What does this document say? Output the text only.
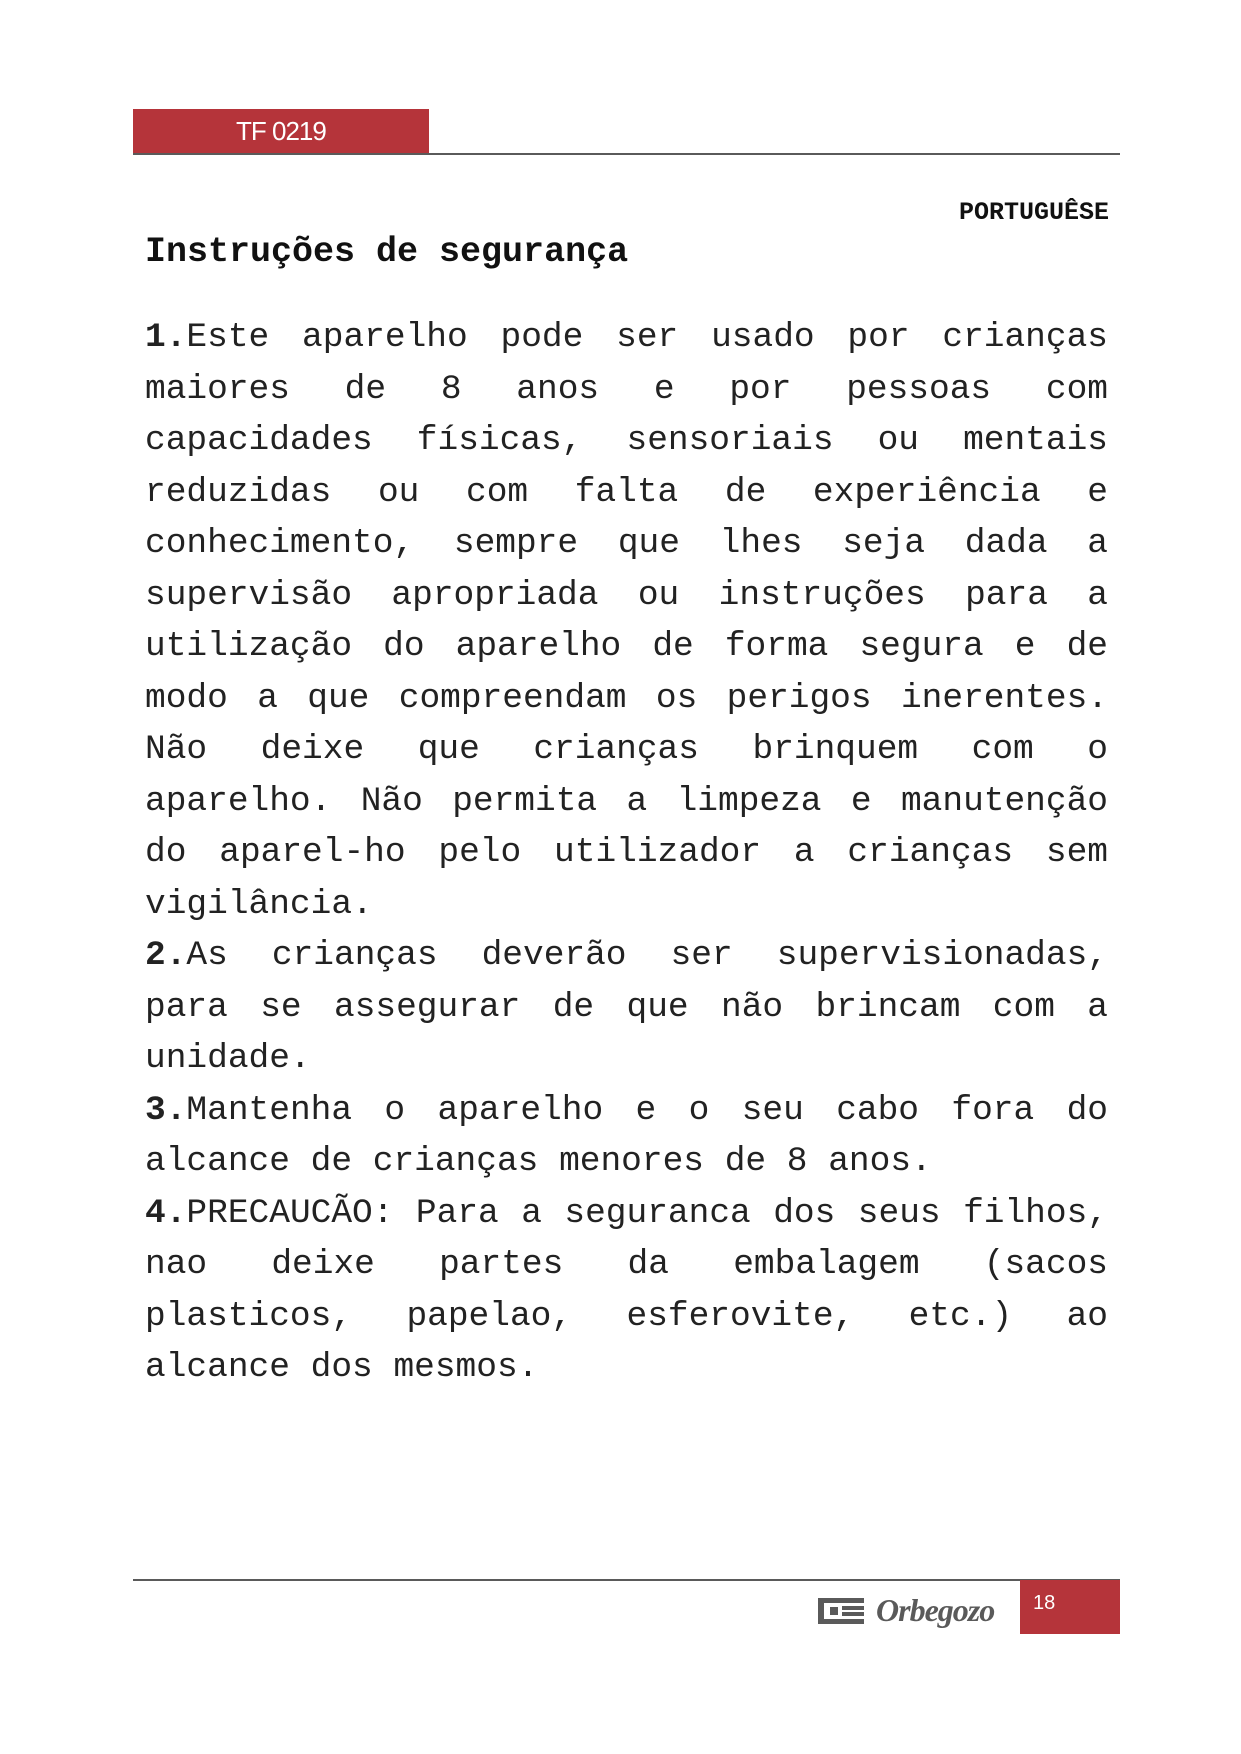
TF 0219
PORTUGUÊSE
Instruções de segurança

1.Este aparelho pode ser usado por crianças maiores de 8 anos e por pessoas com capacidades físicas, sensoriais ou mentais reduzidas ou com falta de experiência e conhecimento, sempre que lhes seja dada a supervisão apropriada ou instruções para a utilização do aparelho de forma segura e de modo a que compreendam os perigos inerentes. Não deixe que crianças brinquem com o aparelho. Não permita a limpeza e manutenção do aparel-ho pelo utilizador a crianças sem vigilância.

2.As crianças deverão ser supervisionadas, para se assegurar de que não brincam com a unidade.

3.Mantenha o aparelho e o seu cabo fora do alcance de crianças menores de 8 anos.

4.PRECAUCÃO: Para a seguranca dos seus filhos, nao deixe partes da embalagem (sacos plasticos, papelao, esferovite, etc.) ao alcance dos mesmos.

Orbegozo	18
